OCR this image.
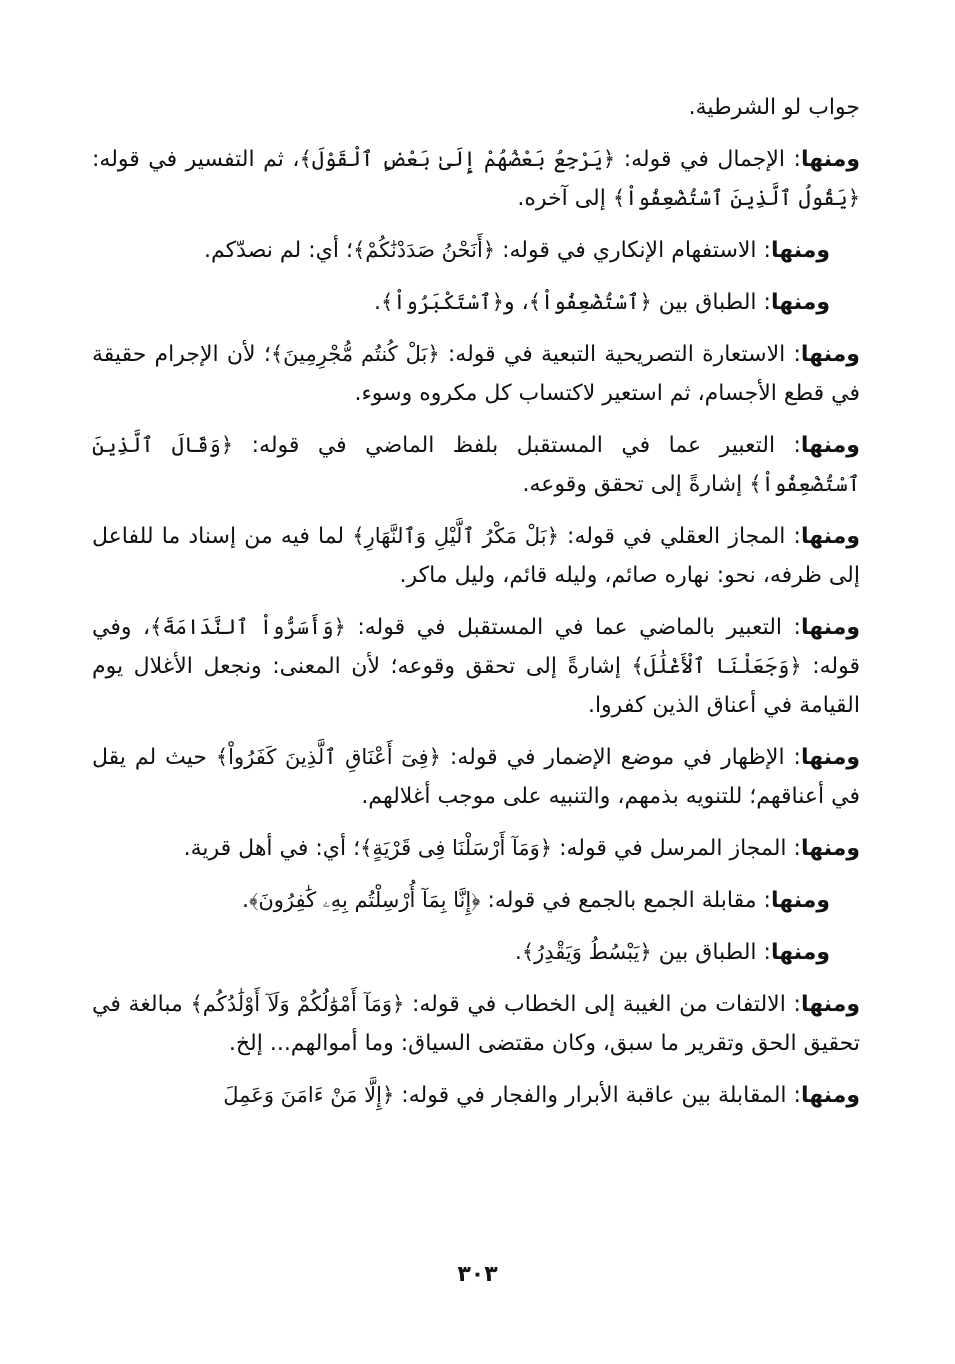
جواب لو الشرطية.

ومنها: الإجمال في قوله: ﴿يَرْجِعُ بَعْضُهُمْ إِلَىٰ بَعْضٍ ٱلْقَوْلَ﴾، ثم التفسير في قوله: ﴿يَقُولُ ٱلَّذِينَ ٱسْتُضْعِفُواْ﴾ إلى آخره.

ومنها: الاستفهام الإنكاري في قوله: ﴿أَنَحْنُ صَدَدْنَٰكُمْ﴾؛ أي: لم نصدّكم.

ومنها: الطباق بين ﴿ٱسْتُضْعِفُواْ﴾، و﴿ٱسْتَكْبَرُواْ﴾.

ومنها: الاستعارة التصريحية التبعية في قوله: ﴿بَلْ كُنتُم مُّجْرِمِينَ﴾؛ لأن الإجرام حقيقة في قطع الأجسام، ثم استعير لاكتساب كل مكروه وسوء.

ومنها: التعبير عما في المستقبل بلفظ الماضي في قوله: ﴿وَقَالَ ٱلَّذِينَ ٱسْتُضْعِفُواْ﴾ إشارةً إلى تحقق وقوعه.

ومنها: المجاز العقلي في قوله: ﴿بَلْ مَكْرُ ٱلَّيْلِ وَٱلنَّهَارِ﴾ لما فيه من إسناد ما للفاعل إلى ظرفه، نحو: نهاره صائم، وليله قائم، وليل ماكر.

ومنها: التعبير بالماضي عما في المستقبل في قوله: ﴿وَأَسَرُّواْ ٱلنَّدَامَةَ﴾، وفي قوله: ﴿وَجَعَلْنَا ٱلْأَغْلَٰلَ﴾ إشارةً إلى تحقق وقوعه؛ لأن المعنى: ونجعل الأغلال يوم القيامة في أعناق الذين كفروا.

ومنها: الإظهار في موضع الإضمار في قوله: ﴿فِىٓ أَعْنَاقِ ٱلَّذِينَ كَفَرُواْ﴾ حيث لم يقل في أعناقهم؛ للتنويه بذمهم، والتنبيه على موجب أغلالهم.

ومنها: المجاز المرسل في قوله: ﴿وَمَآ أَرْسَلْنَا فِى قَرْيَةٍ﴾؛ أي: في أهل قرية.

ومنها: مقابلة الجمع بالجمع في قوله: ﴿إِنَّا بِمَآ أُرْسِلْتُم بِهِۦ كَٰفِرُونَ﴾.

ومنها: الطباق بين ﴿يَبْسُطُ وَيَقْدِرُ﴾.

ومنها: الالتفات من الغيبة إلى الخطاب في قوله: ﴿وَمَآ أَمْوَٰلُكُمْ وَلَآ أَوْلَٰدُكُم﴾ مبالغة في تحقيق الحق وتقرير ما سبق، وكان مقتضى السياق: وما أموالهم... إلخ.

ومنها: المقابلة بين عاقبة الأبرار والفجار في قوله: ﴿إِلَّا مَنْ ءَامَنَ وَعَمِلَ

٣٠٣
